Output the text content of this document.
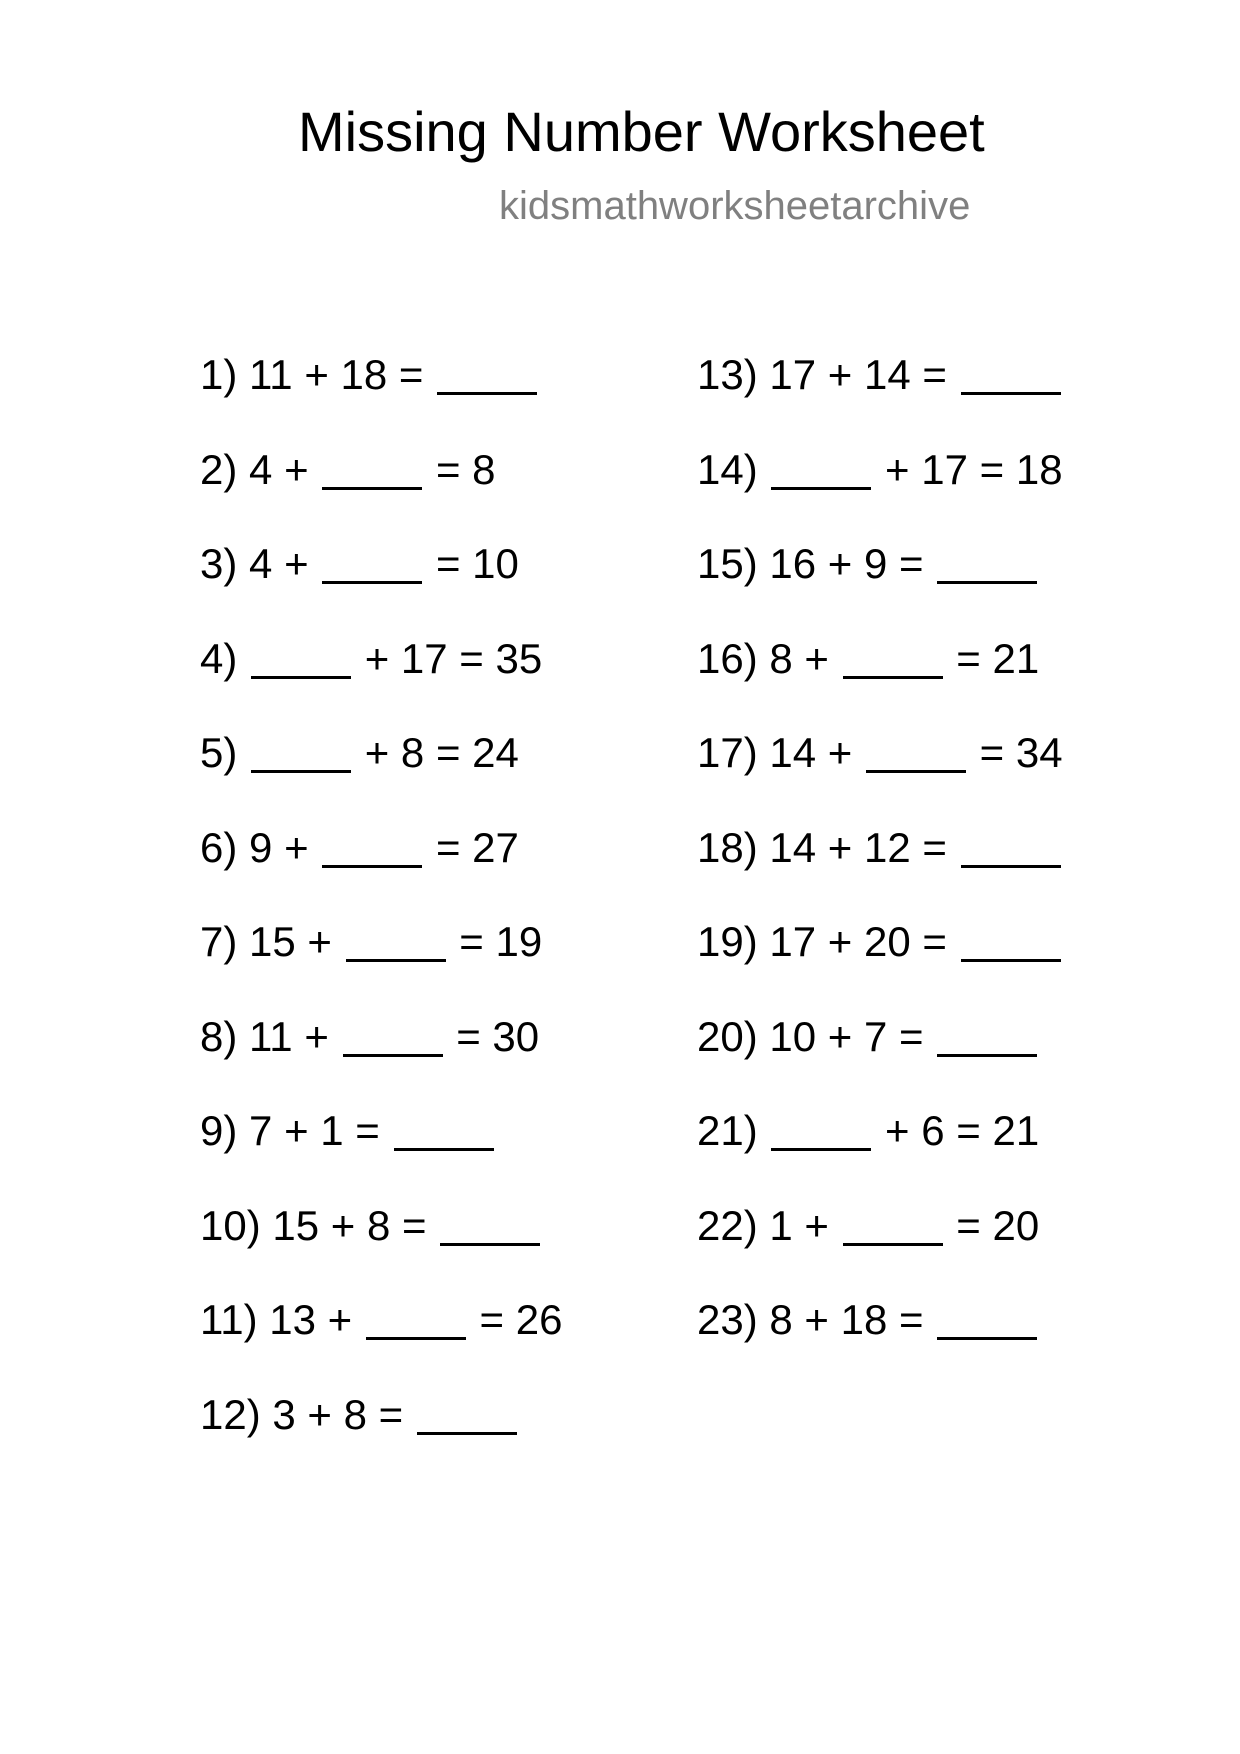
Missing Number Worksheet
kidsmathworksheetarchive
1) 11 + 18 =
2) 4 +	= 8
3) 4 +	= 10
4)	+ 17 = 35
5)	+ 8 = 24
6) 9 +	= 27
7) 15 +	= 19
8) 11 +	= 30
9) 7 + 1 =
10) 15 + 8 =
11) 13 +	= 26
12) 3 + 8 =
13) 17 + 14 =
14)	+ 17 = 18
15) 16 + 9 =
16) 8 +	= 21
17) 14 +	= 34
18) 14 + 12 =
19) 17 + 20 =
20) 10 + 7 =
21)	+ 6 = 21
22) 1 +	= 20
23) 8 + 18 =
